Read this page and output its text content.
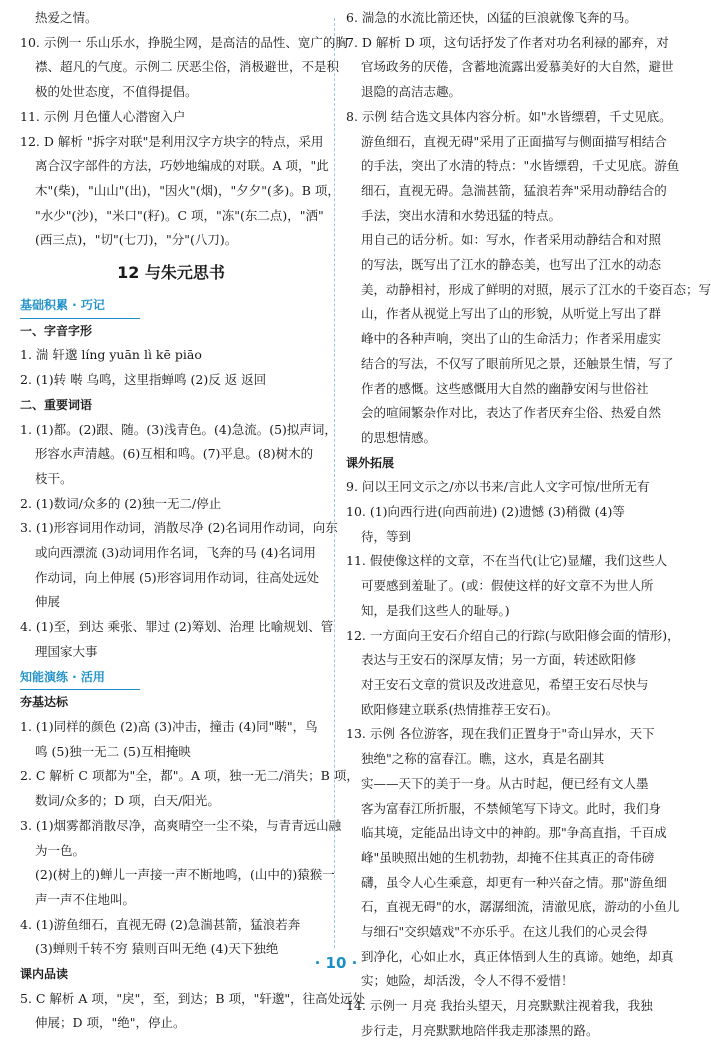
热爱之情。
10. 示例一 乐山乐水，挣脱尘网，是高洁的品性、宽广的胸
襟、超凡的气度。示例二 厌恶尘俗，消极避世，不是积
极的处世态度，不值得提倡。
11. 示例 月色懂人心潜窗入户
12. D 解析 "拆字对联"是利用汉字方块字的特点，采用
离合汉字部件的方法，巧妙地编成的对联。A 项，"此
木"(柴)，"山山"(出)，"因火"(烟)，"夕夕"(多)。B 项，
"水少"(沙)，"米口"(籽)。C 项，"冻"(东二点)，"洒"
(西三点)，"切"(七刀)，"分"(八刀)。
12 与朱元思书
基础积累 · 巧记
一、字音字形
1. 湍 轩邈 líng yuān lì kē piāo
2. (1)转 啭 乌鸣，这里指蝉鸣 (2)反 返 返回
二、重要词语
1. (1)都。(2)跟、随。(3)浅青色。(4)急流。(5)拟声词，
形容水声清越。(6)互相和鸣。(7)平息。(8)树木的
枝干。
2. (1)数词/众多的 (2)独一无二/停止
3. (1)形容词用作动词，消散尽净 (2)名词用作动词，向东
或向西漂流 (3)动词用作名词，飞奔的马 (4)名词用
作动词，向上伸展 (5)形容词用作动词，往高处远处
伸展
4. (1)至，到达 乘张、罪过 (2)筹划、治理 比喻规划、管
理国家大事
知能演练 · 活用
夯基达标
1. (1)同样的颜色 (2)高 (3)冲击，撞击 (4)同"啭"，鸟
鸣 (5)独一无二 (5)互相掩映
2. C 解析 C 项都为"全，都"。A 项，独一无二/消失；B 项，
数词/众多的；D 项，白天/阳光。
3. (1)烟雾都消散尽净，高爽晴空一尘不染，与青青远山融
为一色。
(2)(树上的)蝉儿一声接一声不断地鸣，(山中的)猿猴一
声一声不住地叫。
4. (1)游鱼细石，直视无碍 (2)急湍甚箭，猛浪若奔
(3)蝉则千转不穷 猿则百叫无绝 (4)天下独绝
课内品读
5. C 解析 A 项，"戾"，至，到达；B 项，"轩邈"，往高处远处
伸展；D 项，"绝"，停止。
6. 湍急的水流比箭还快，凶猛的巨浪就像飞奔的马。
7. D 解析 D 项，这句话抒发了作者对功名利禄的鄙弃，对
官场政务的厌倦，含蓄地流露出爱慕美好的大自然，避世
退隐的高洁志趣。
8. 示例 结合选文具体内容分析。如"水皆缥碧，千丈见底。
游鱼细石，直视无碍"采用了正面描写与侧面描写相结合
的手法，突出了水清的特点："水皆缥碧，千丈见底。游鱼
细石，直视无碍。急湍甚箭，猛浪若奔"采用动静结合的
手法，突出水清和水势迅猛的特点。
用自己的话分析。如：写水，作者采用动静结合和对照
的写法，既写出了江水的静态美，也写出了江水的动态
美，动静相衬，形成了鲜明的对照，展示了江水的千姿百态；写
山，作者从视觉上写出了山的形貌，从听觉上写出了群
峰中的各种声响，突出了山的生命活力；作者采用虚实
结合的写法，不仅写了眼前所见之景，还触景生情，写了
作者的感慨。这些感慨用大自然的幽静安闲与世俗社
会的喧闹繁杂作对比，表达了作者厌弃尘俗、热爱自然
的思想情感。
课外拓展
9. 问以王冋文示之/亦以书来/言此人文字可惊/世所无有
10. (1)向西行进(向西前进) (2)遗憾 (3)稍微 (4)等
待，等到
11. 假使像这样的文章，不在当代(让它)显耀，我们这些人
可要感到羞耻了。(或：假使这样的好文章不为世人所
知，是我们这些人的耻辱。)
12. 一方面向王安石介绍自己的行踪(与欧阳修会面的情形)，
表达与王安石的深厚友情；另一方面，转述欧阳修
对王安石文章的赏识及改进意见，希望王安石尽快与
欧阳修建立联系(热情推荐王安石)。
13. 示例 各位游客，现在我们正置身于"奇山异水，天下
独绝"之称的富春江。瞧，这水，真是名副其
实——天下的美于一身。从古时起，便已经有文人墨
客为富春江所折服，不禁倾笔写下诗文。此时，我们身
临其境，定能品出诗文中的神韵。那"争高直指，千百成
峰"虽映照出她的生机勃勃，却掩不住其真正的奇伟磅
礴，虽令人心生乘意，却更有一种兴奋之情。那"游鱼细
石，直视无碍"的水，潺潺细流，清澈见底，游动的小鱼儿
与细石"交织嬉戏"不亦乐乎。在这儿我们的心灵会得
到净化，心如止水，真正体悟到人生的真谛。她绝，却真
实；她险，却活泼，令人不得不爱惜！
14. 示例一 月亮 我抬头望天，月亮默默注视着我，我独
步行走，月亮默默地陪伴我走那漆黑的路。
· 10 ·
